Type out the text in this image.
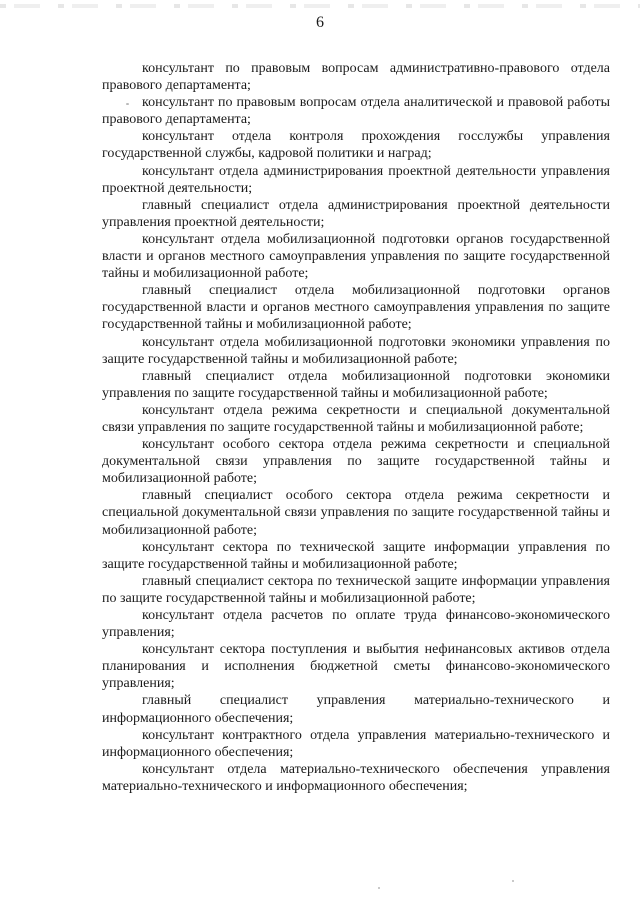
6

консультант по правовым вопросам административно-правового отдела правового департамента;

консультант по правовым вопросам отдела аналитической и правовой работы правового департамента;

консультант отдела контроля прохождения госслужбы управления государственной службы, кадровой политики и наград;

консультант отдела администрирования проектной деятельности управления проектной деятельности;

главный специалист отдела администрирования проектной деятельности управления проектной деятельности;

консультант отдела мобилизационной подготовки органов государственной власти и органов местного самоуправления управления по защите государственной тайны и мобилизационной работе;

главный специалист отдела мобилизационной подготовки органов государственной власти и органов местного самоуправления управления по защите государственной тайны и мобилизационной работе;

консультант отдела мобилизационной подготовки экономики управления по защите государственной тайны и мобилизационной работе;

главный специалист отдела мобилизационной подготовки экономики управления по защите государственной тайны и мобилизационной работе;

консультант отдела режима секретности и специальной документальной связи управления по защите государственной тайны и мобилизационной работе;

консультант особого сектора отдела режима секретности и специальной документальной связи управления по защите государственной тайны и мобилизационной работе;

главный специалист особого сектора отдела режима секретности и специальной документальной связи управления по защите государственной тайны и мобилизационной работе;

консультант сектора по технической защите информации управления по защите государственной тайны и мобилизационной работе;

главный специалист сектора по технической защите информации управления по защите государственной тайны и мобилизационной работе;

консультант отдела расчетов по оплате труда финансово-экономического управления;

консультант сектора поступления и выбытия нефинансовых активов отдела планирования и исполнения бюджетной сметы финансово-экономического управления;

главный специалист управления материально-технического и информационного обеспечения;

консультант контрактного отдела управления материально-технического и информационного обеспечения;

консультант отдела материально-технического обеспечения управления материально-технического и информационного обеспечения;
